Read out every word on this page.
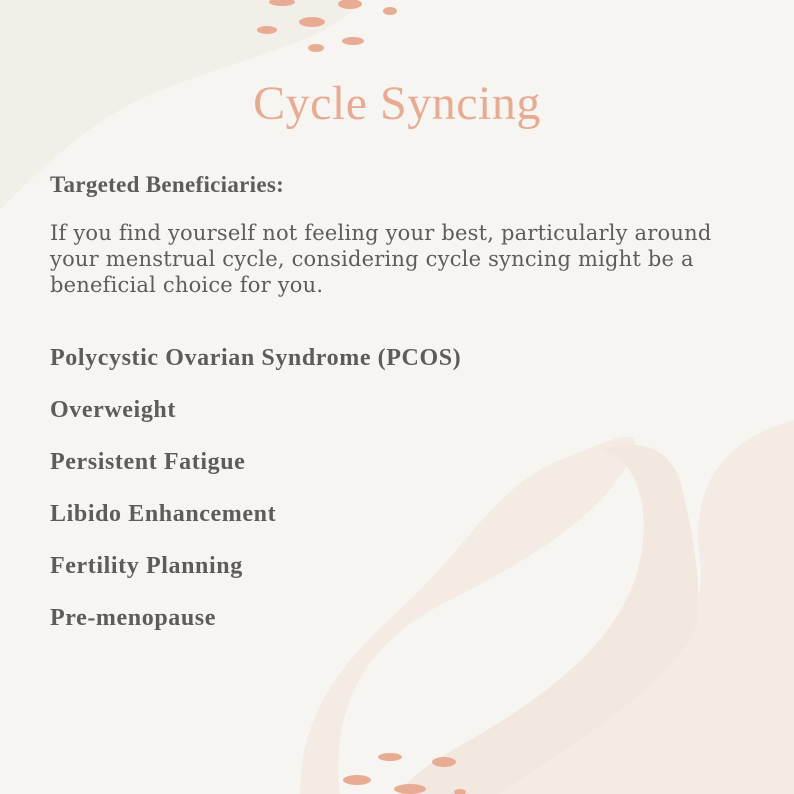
Cycle Syncing
Targeted Beneficiaries:

If you find yourself not feeling your best, particularly around your menstrual cycle, considering cycle syncing might be a beneficial choice for you.

Polycystic Ovarian Syndrome (PCOS)
Overweight
Persistent Fatigue
Libido Enhancement
Fertility Planning
Pre-menopause
